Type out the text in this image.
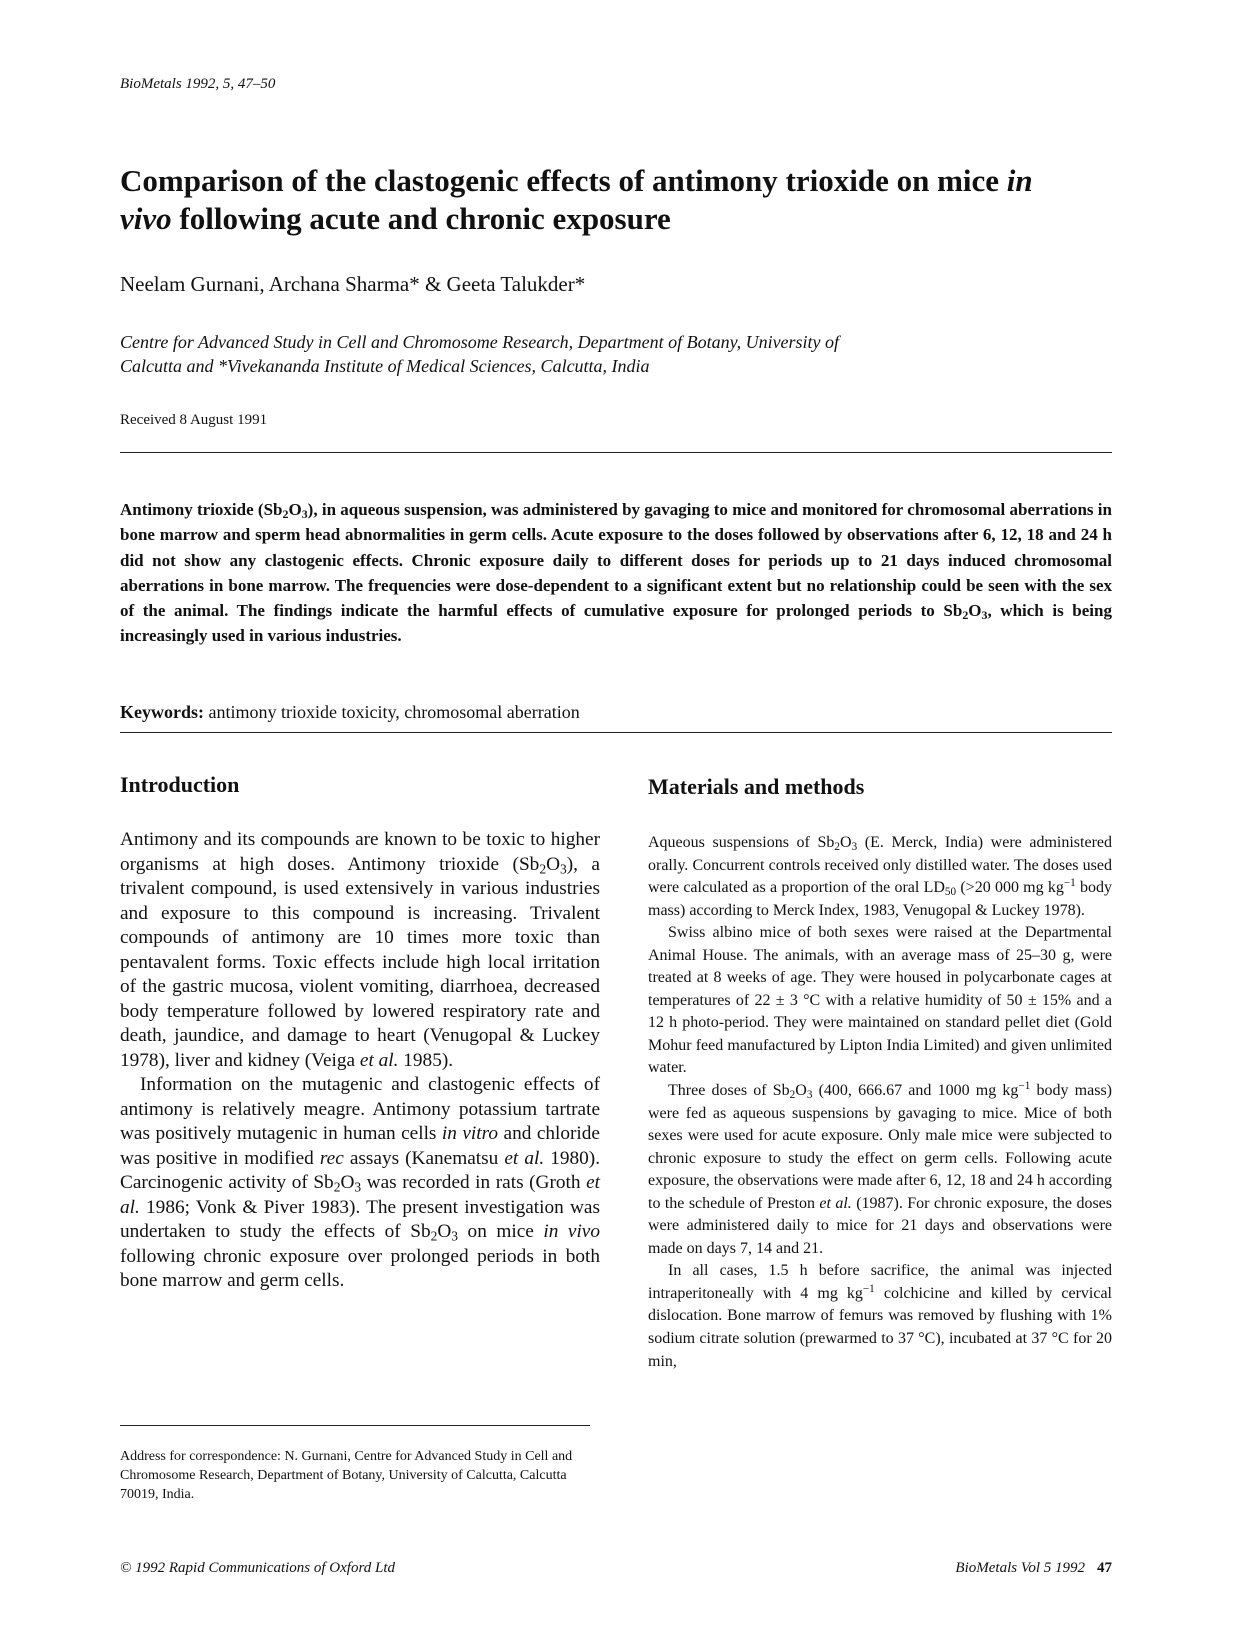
BioMetals 1992, 5, 47–50
Comparison of the clastogenic effects of antimony trioxide on mice in vivo following acute and chronic exposure
Neelam Gurnani, Archana Sharma* & Geeta Talukder*
Centre for Advanced Study in Cell and Chromosome Research, Department of Botany, University of
Calcutta and *Vivekananda Institute of Medical Sciences, Calcutta, India
Received 8 August 1991
Antimony trioxide $(Sb_2O_3)$, in aqueous suspension, was administered by gavaging to mice and monitored for chromosomal aberrations in bone marrow and sperm head abnormalities in germ cells. Acute exposure to the doses followed by observations after 6, 12, 18 and 24 h did not show any clastogenic effects. Chronic exposure daily to different doses for periods up to 21 days induced chromosomal aberrations in bone marrow. The frequencies were dose-dependent to a significant extent but no relationship could be seen with the sex of the animal. The findings indicate the harmful effects of cumulative exposure for prolonged periods to $Sb_2O_3$, which is being increasingly used in various industries.
Keywords: antimony trioxide toxicity, chromosomal aberration
Introduction

Antimony and its compounds are known to be toxic to higher organisms at high doses. Antimony trioxide $(Sb_2O_3)$, a trivalent compound, is used extensively in various industries and exposure to this compound is increasing. Trivalent compounds of antimony are 10 times more toxic than pentavalent forms. Toxic effects include high local irritation of the gastric mucosa, violent vomiting, diarrhoea, decreased body temperature followed by lowered respiratory rate and death, jaundice, and damage to heart (Venugopal & Luckey 1978), liver and kidney (Veiga et al. 1985).

Information on the mutagenic and clastogenic effects of antimony is relatively meagre. Antimony potassium tartrate was positively mutagenic in human cells in vitro and chloride was positive in modified rec assays (Kanematsu et al. 1980). Carcinogenic activity of $Sb_2O_3$ was recorded in rats (Groth et al. 1986; Vonk & Piver 1983). The present investigation was undertaken to study the effects of $Sb_2O_3$ on mice in vivo following chronic exposure over prolonged periods in both bone marrow and germ cells.

Address for correspondence: N. Gurnani, Centre for Advanced Study in Cell and Chromosome Research, Department of Botany, University of Calcutta, Calcutta 70019, India.
Materials and methods

Aqueous suspensions of $Sb_2O_3$ (E. Merck, India) were administered orally. Concurrent controls received only distilled water. The doses used were calculated as a proportion of the oral $LD_{50}$ (>20 000 mg $kg^{-1}$ body mass) according to Merck Index, 1983, Venugopal & Luckey 1978).

Swiss albino mice of both sexes were raised at the Departmental Animal House. The animals, with an average mass of 25–30 g, were treated at 8 weeks of age. They were housed in polycarbonate cages at temperatures of 22 ± 3 °C with a relative humidity of 50 ± 15% and a 12 h photo-period. They were maintained on standard pellet diet (Gold Mohur feed manufactured by Lipton India Limited) and given unlimited water.

Three doses of $Sb_2O_3$ (400, 666.67 and 1000 mg $kg^{-1}$ body mass) were fed as aqueous suspensions by gavaging to mice. Mice of both sexes were used for acute exposure. Only male mice were subjected to chronic exposure to study the effect on germ cells. Following acute exposure, the observations were made after 6, 12, 18 and 24 h according to the schedule of Preston et al. (1987). For chronic exposure, the doses were administered daily to mice for 21 days and observations were made on days 7, 14 and 21.

In all cases, 1.5 h before sacrifice, the animal was injected intraperitoneally with 4 mg $kg^{-1}$ colchicine and killed by cervical dislocation. Bone marrow of femurs was removed by flushing with 1% sodium citrate solution (prewarmed to 37 °C), incubated at 37 °C for 20 min,

© 1992 Rapid Communications of Oxford Ltd	BioMetals Vol 5 1992 47
